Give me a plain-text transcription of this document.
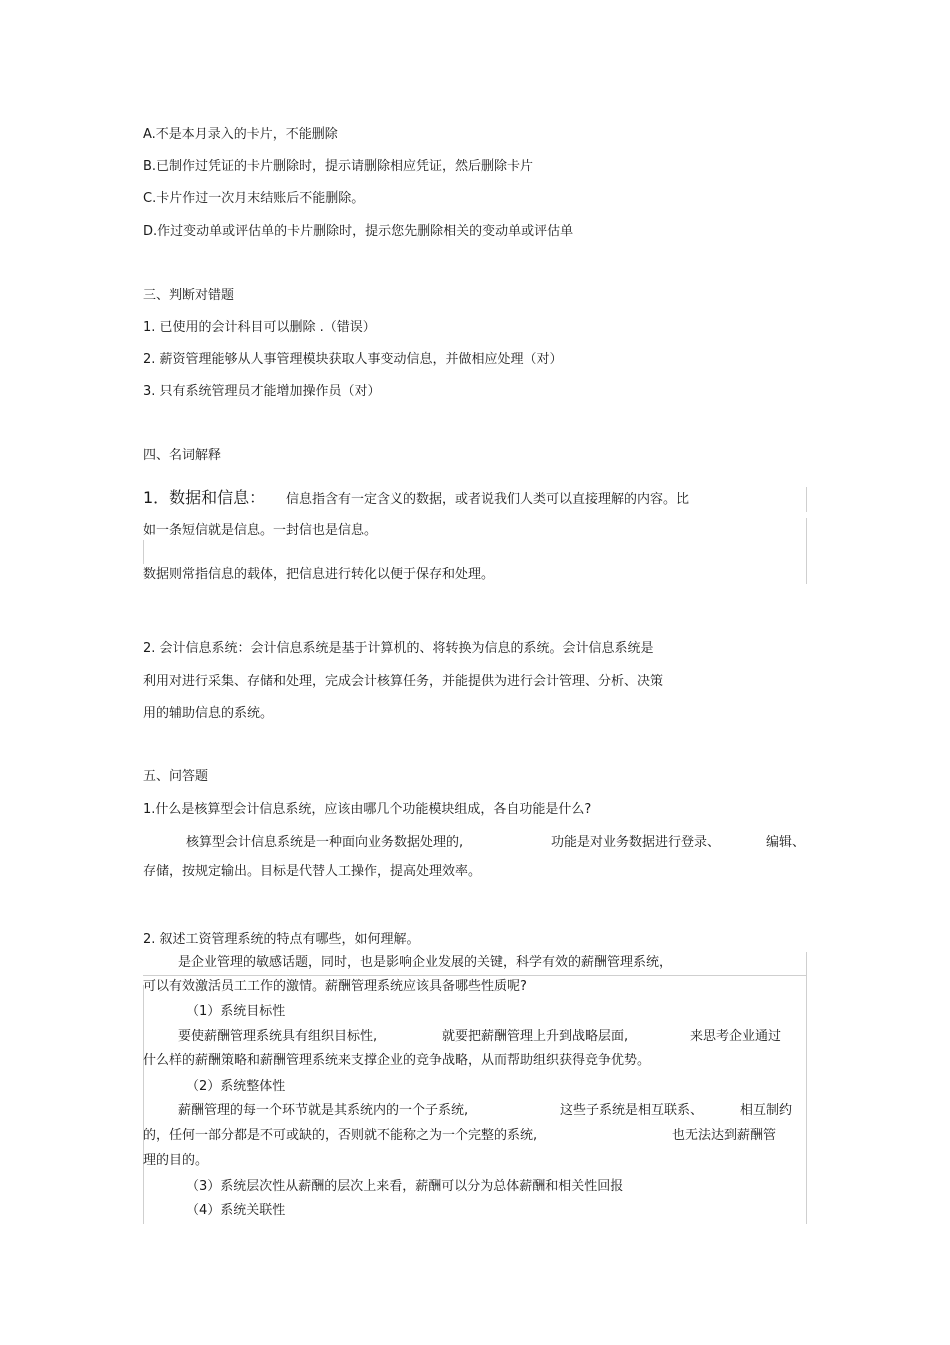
A.不是本月录入的卡片，不能删除
B.已制作过凭证的卡片删除时，提示请删除相应凭证，然后删除卡片
C.卡片作过一次月末结账后不能删除。
D.作过变动单或评估单的卡片删除时，提示您先删除相关的变动单或评估单
三、判断对错题
1. 已使用的会计科目可以删除 .（错误）
2. 薪资管理能够从人事管理模块获取人事变动信息，并做相应处理（对）
3. 只有系统管理员才能增加操作员（对）
四、名词解释
1．数据和信息： 信息指含有一定含义的数据，或者说我们人类可以直接理解的内容。比
如一条短信就是信息。一封信也是信息。
数据则常指信息的载体，把信息进行转化以便于保存和处理。
2. 会计信息系统：会计信息系统是基于计算机的、将转换为信息的系统。会计信息系统是
利用对进行采集、存储和处理，完成会计核算任务，并能提供为进行会计管理、分析、决策
用的辅助信息的系统。
五、问答题
1.什么是核算型会计信息系统，应该由哪几个功能模块组成，各自功能是什么?
核算型会计信息系统是一种面向业务数据处理的,	功能是对业务数据进行登录、	编辑、
存储，按规定输出。目标是代替人工操作，提高处理效率。
2. 叙述工资管理系统的特点有哪些，如何理解。
是企业管理的敏感话题，同时，也是影响企业发展的关键，科学有效的薪酬管理系统，
可以有效激活员工工作的激情。薪酬管理系统应该具备哪些性质呢?
（1）系统目标性
要使薪酬管理系统具有组织目标性,	就要把薪酬管理上升到战略层面,	来思考企业通过
什么样的薪酬策略和薪酬管理系统来支撑企业的竞争战略，从而帮助组织获得竞争优势。
（2）系统整体性
薪酬管理的每一个环节就是其系统内的一个子系统,	这些子系统是相互联系、	相互制约
的，任何一部分都是不可或缺的，否则就不能称之为一个完整的系统,	也无法达到薪酬管
理的目的。
（3）系统层次性从薪酬的层次上来看，薪酬可以分为总体薪酬和相关性回报
（4）系统关联性
